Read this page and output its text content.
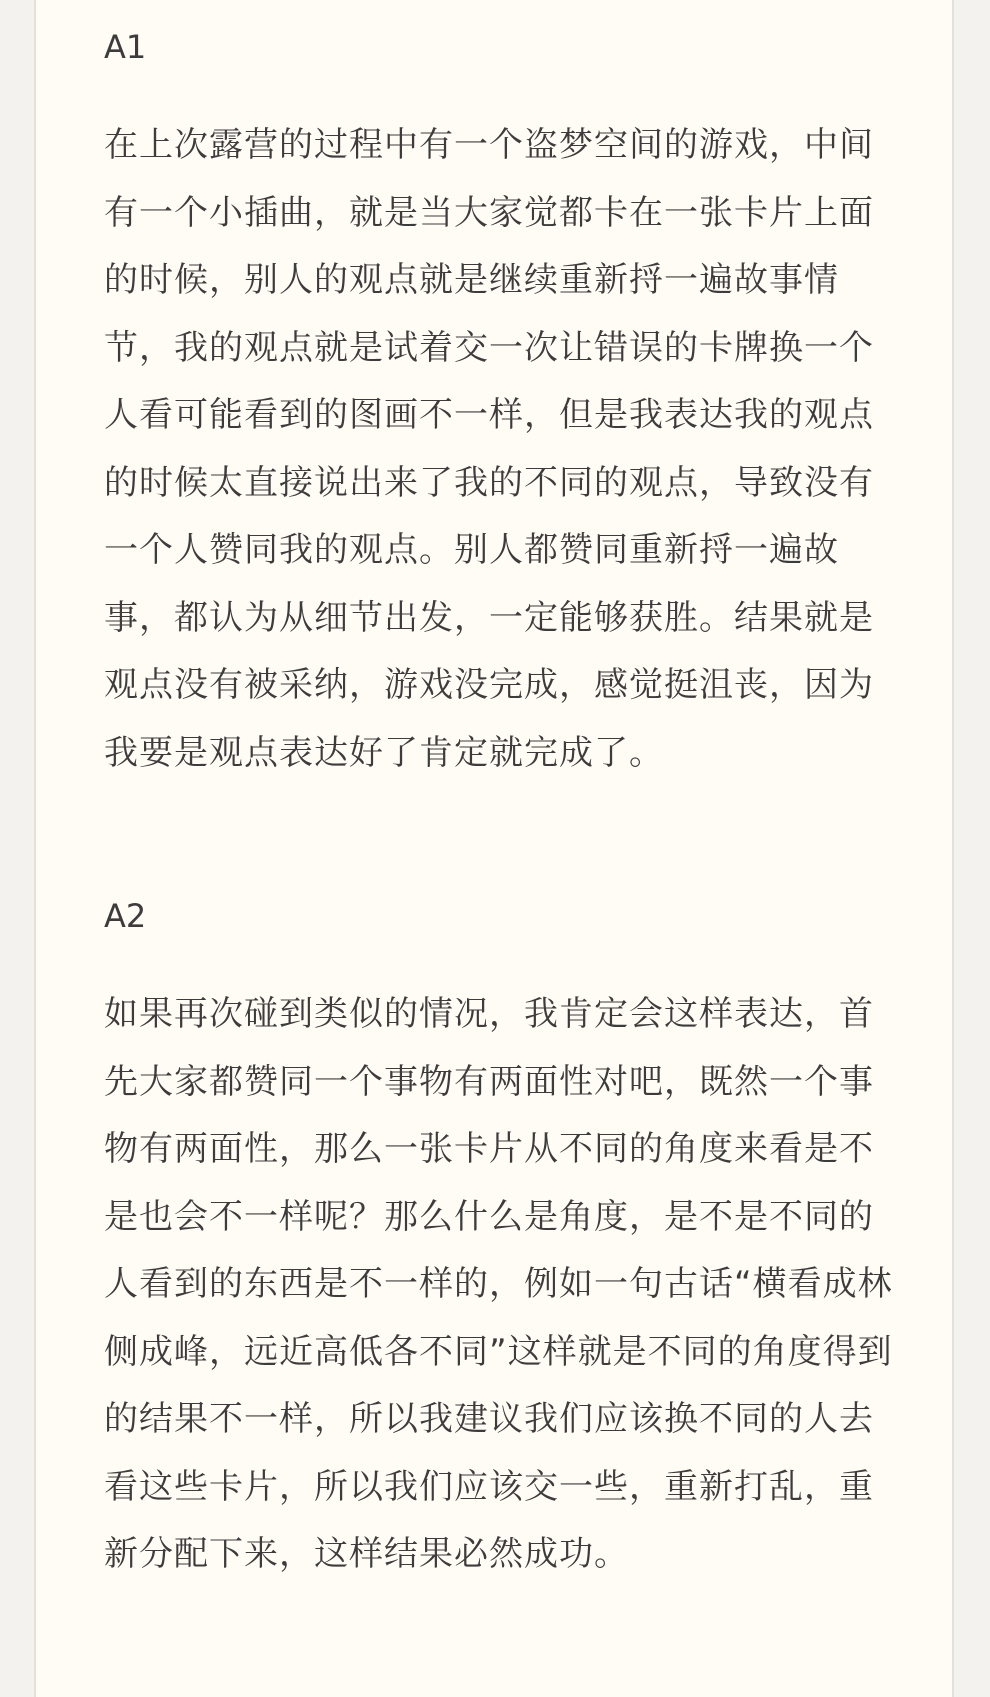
A1

在上次露营的过程中有一个盗梦空间的游戏，中间有一个小插曲，就是当大家觉都卡在一张卡片上面的时候，别人的观点就是继续重新捋一遍故事情节，我的观点就是试着交一次让错误的卡牌换一个人看可能看到的图画不一样，但是我表达我的观点的时候太直接说出来了我的不同的观点，导致没有一个人赞同我的观点。别人都赞同重新捋一遍故事，都认为从细节出发，一定能够获胜。结果就是观点没有被采纳，游戏没完成，感觉挺沮丧，因为我要是观点表达好了肯定就完成了。

A2

如果再次碰到类似的情况，我肯定会这样表达，首先大家都赞同一个事物有两面性对吧，既然一个事物有两面性，那么一张卡片从不同的角度来看是不是也会不一样呢？那么什么是角度，是不是不同的人看到的东西是不一样的，例如一句古话“横看成林侧成峰，远近高低各不同”这样就是不同的角度得到的结果不一样，所以我建议我们应该换不同的人去看这些卡片，所以我们应该交一些，重新打乱，重新分配下来，这样结果必然成功。
